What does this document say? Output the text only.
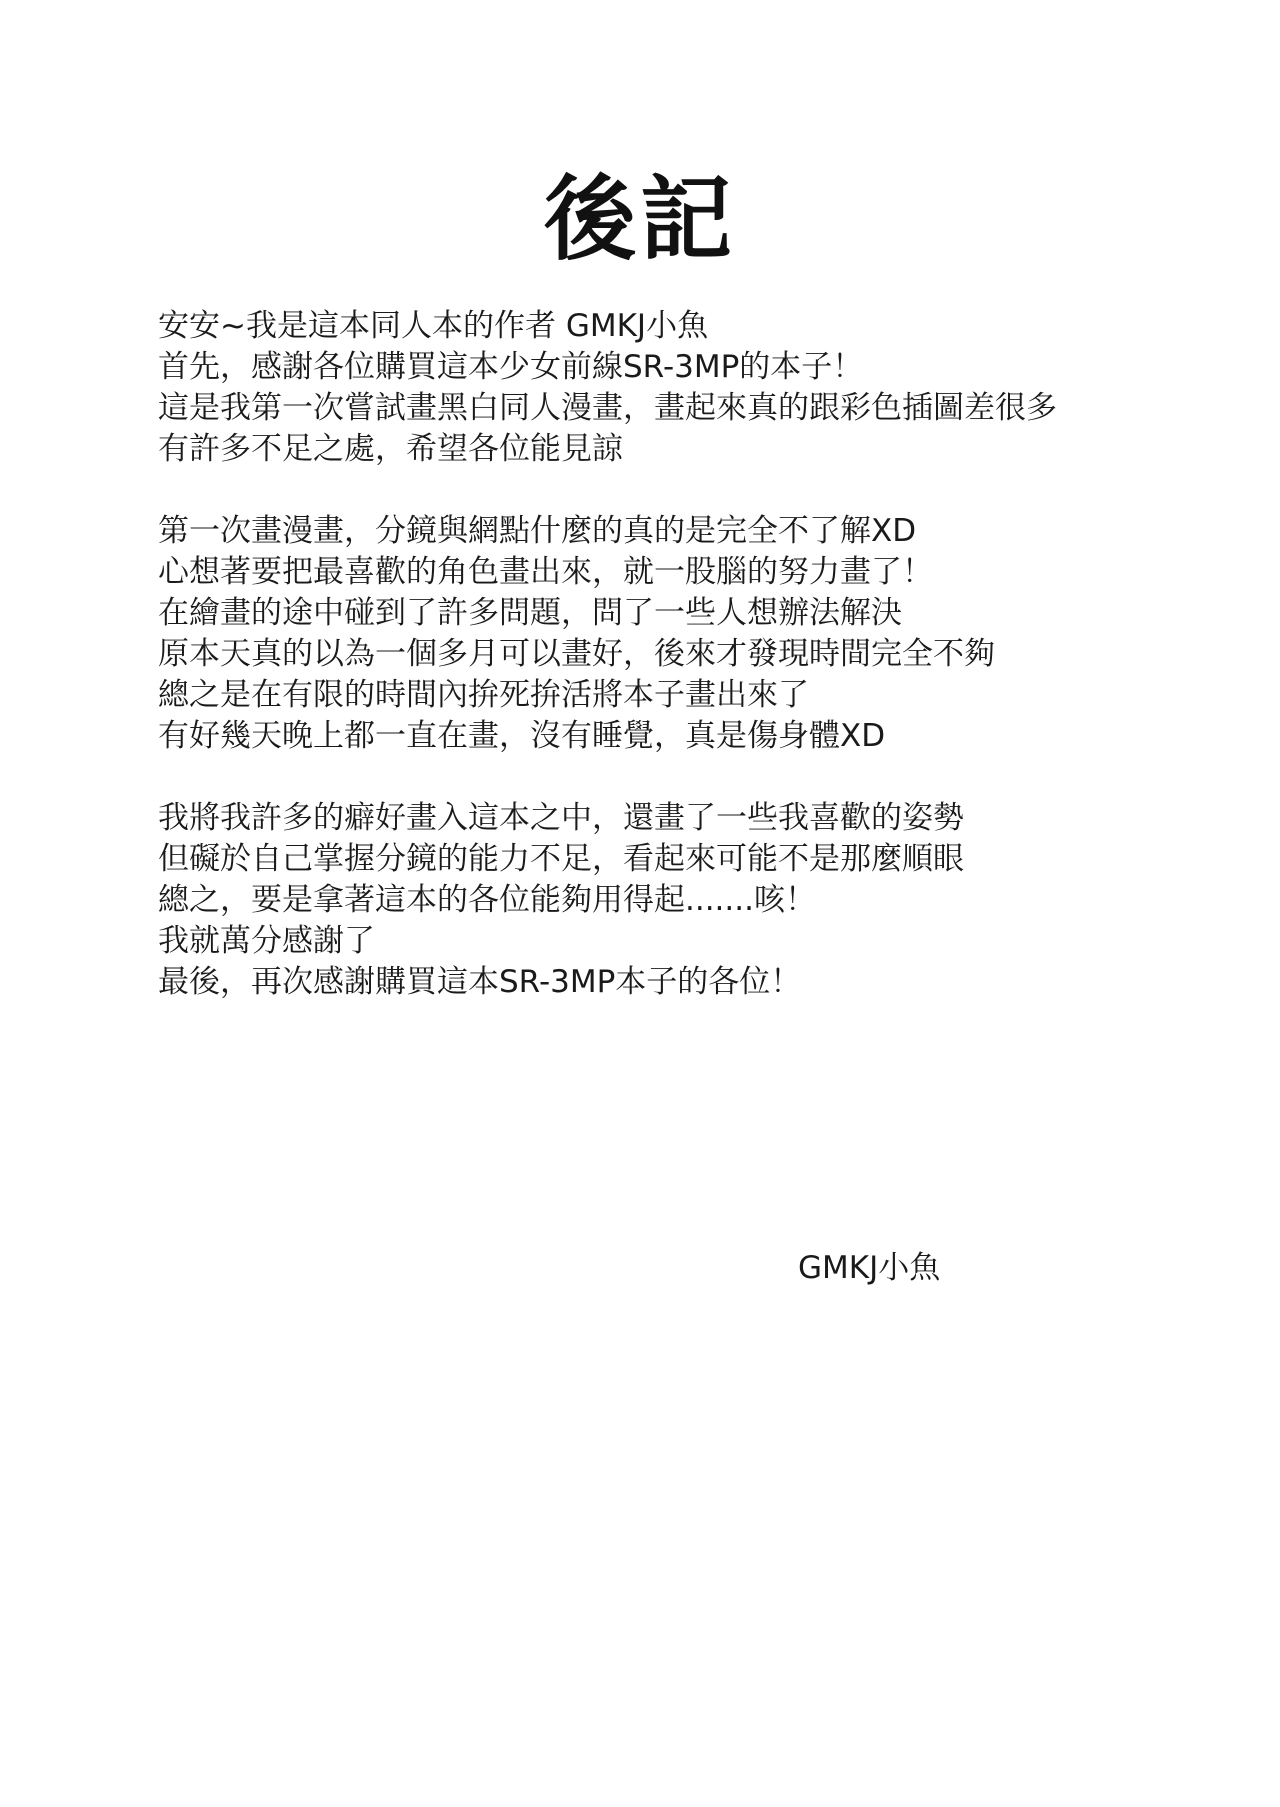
後記
安安~我是這本同人本的作者 GMKJ小魚
首先，感謝各位購買這本少女前線SR-3MP的本子！
這是我第一次嘗試畫黑白同人漫畫，畫起來真的跟彩色插圖差很多
有許多不足之處，希望各位能見諒
第一次畫漫畫，分鏡與網點什麼的真的是完全不了解XD
心想著要把最喜歡的角色畫出來，就一股腦的努力畫了！
在繪畫的途中碰到了許多問題，問了一些人想辦法解決
原本天真的以為一個多月可以畫好，後來才發現時間完全不夠
總之是在有限的時間內拚死拚活將本子畫出來了
有好幾天晚上都一直在畫，沒有睡覺，真是傷身體XD
我將我許多的癖好畫入這本之中，還畫了一些我喜歡的姿勢
但礙於自己掌握分鏡的能力不足，看起來可能不是那麼順眼
總之，要是拿著這本的各位能夠用得起.......咳！
我就萬分感謝了
最後，再次感謝購買這本SR-3MP本子的各位！
GMKJ小魚
